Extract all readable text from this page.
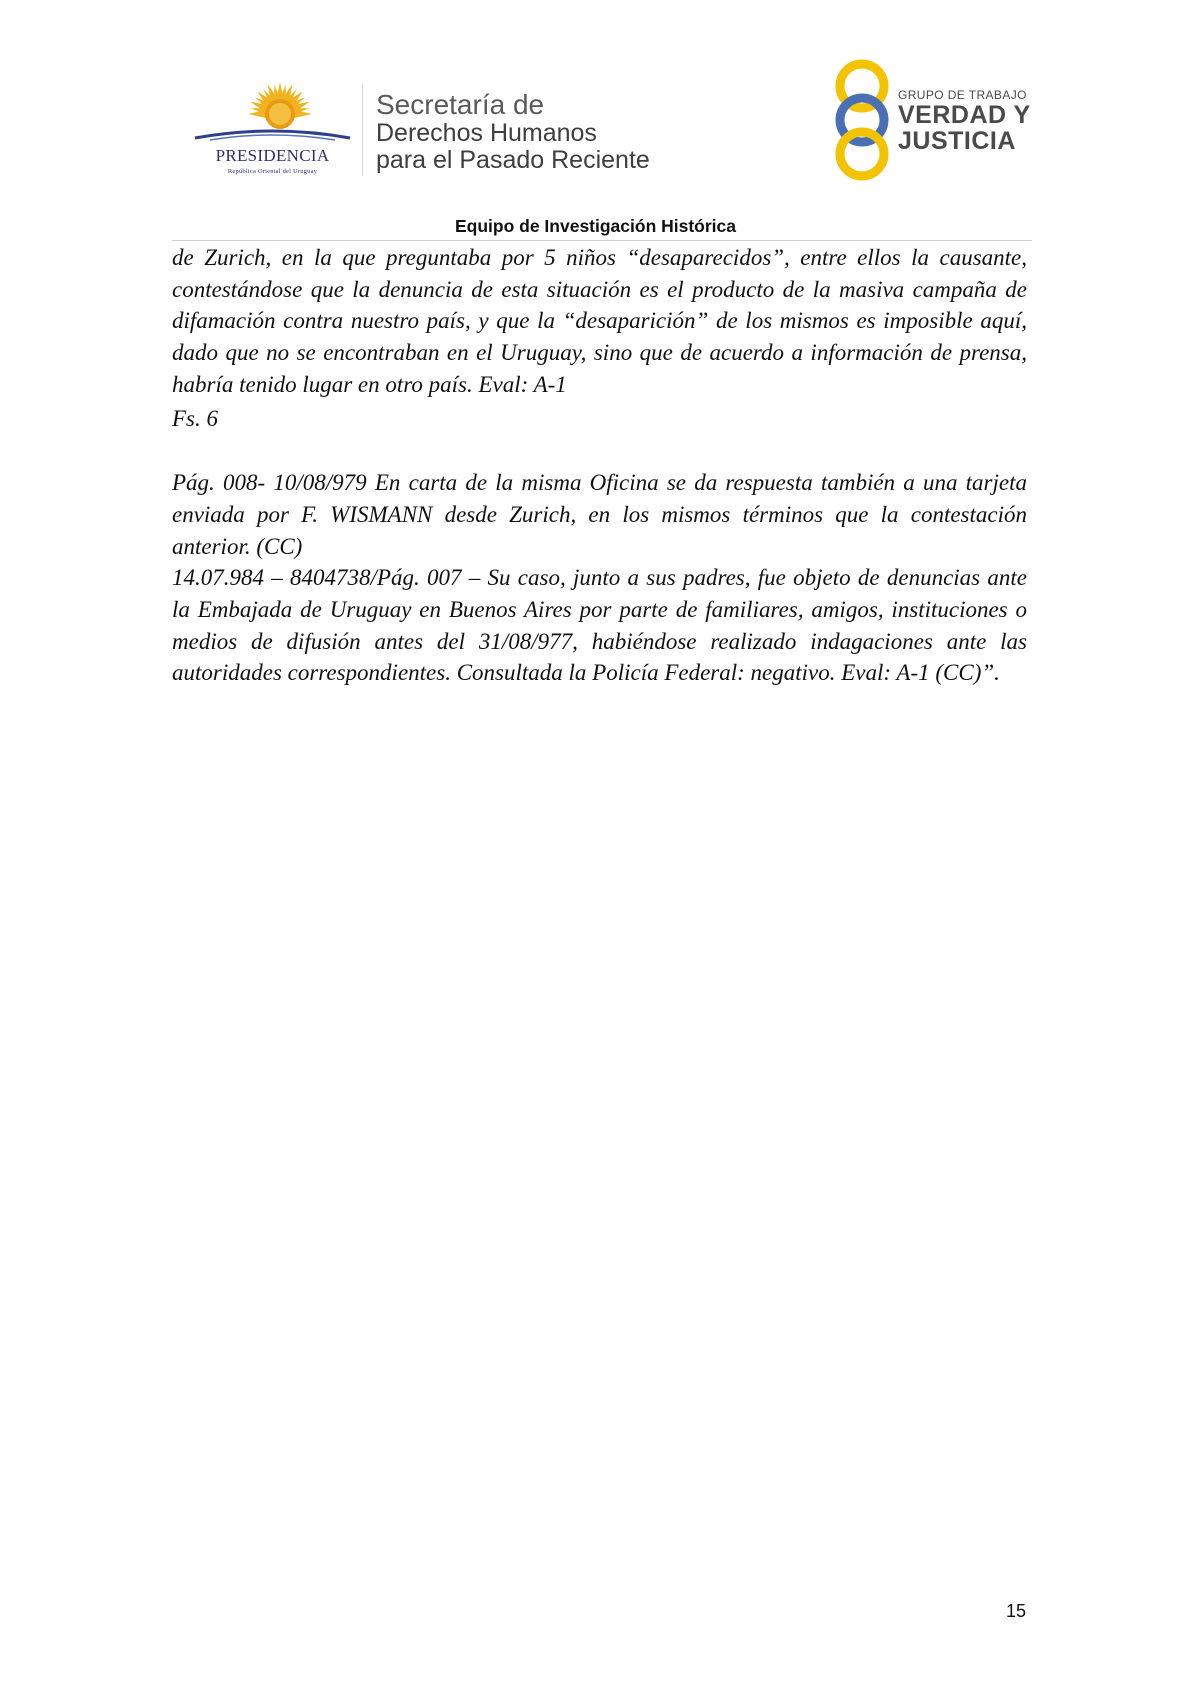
PRESIDENCIA
República Oriental del Uruguay
Secretaría de
Derechos Humanos
para el Pasado Reciente
GRUPO DE TRABAJO
VERDAD Y
JUSTICIA
Equipo de Investigación Histórica

de Zurich, en la que preguntaba por 5 niños “desaparecidos”, entre ellos la causante, contestándose que la denuncia de esta situación es el producto de la masiva campaña de difamación contra nuestro país, y que la “desaparición” de los mismos es imposible aquí, dado que no se encontraban en el Uruguay, sino que de acuerdo a información de prensa, habría tenido lugar en otro país. Eval: A-1

Fs. 6

Pág. 008- 10/08/979 En carta de la misma Oficina se da respuesta también a una tarjeta enviada por F. WISMANN desde Zurich, en los mismos términos que la contestación anterior. (CC)

14.07.984 – 8404738/Pág. 007 – Su caso, junto a sus padres, fue objeto de denuncias ante la Embajada de Uruguay en Buenos Aires por parte de familiares, amigos, instituciones o medios de difusión antes del 31/08/977, habiéndose realizado indagaciones ante las autoridades correspondientes. Consultada la Policía Federal: negativo. Eval: A-1 (CC)”.

15
